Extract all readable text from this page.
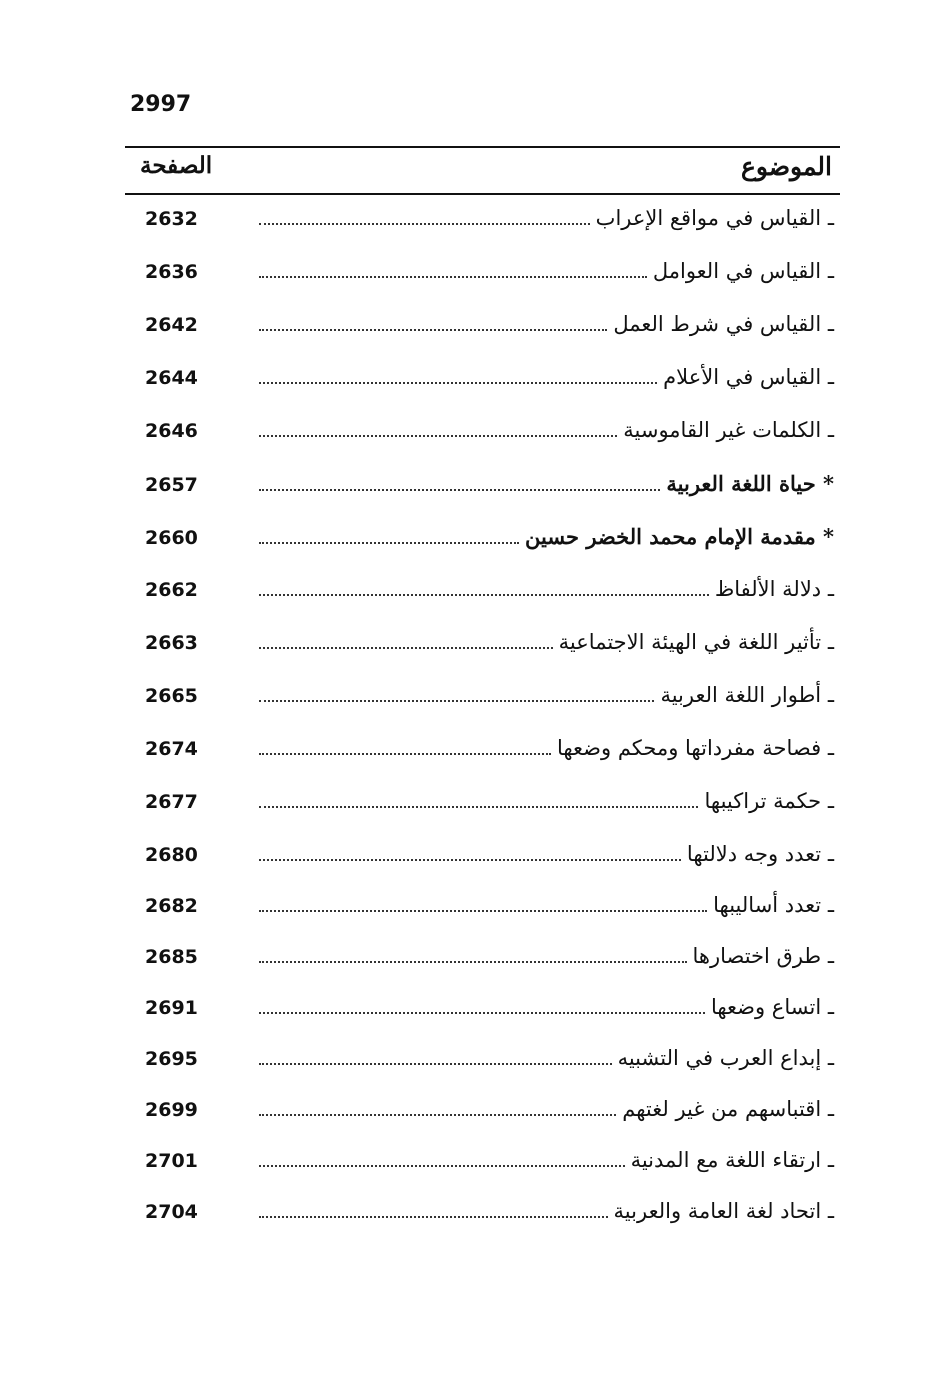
2997
الموضوع
الصفحة
ـ القياس في مواقع الإعراب
2632
ـ القياس في العوامل
2636
ـ القياس في شرط العمل
2642
ـ القياس في الأعلام
2644
ـ الكلمات غير القاموسية
2646
* حياة اللغة العربية
2657
* مقدمة الإمام محمد الخضر حسين
2660
ـ دلالة الألفاظ
2662
ـ تأثير اللغة في الهيئة الاجتماعية
2663
ـ أطوار اللغة العربية
2665
ـ فصاحة مفرداتها ومحكم وضعها
2674
ـ حكمة تراكيبها
2677
ـ تعدد وجه دلالتها
2680
ـ تعدد أساليبها
2682
ـ طرق اختصارها
2685
ـ اتساع وضعها
2691
ـ إبداع العرب في التشبيه
2695
ـ اقتباسهم من غير لغتهم
2699
ـ ارتقاء اللغة مع المدنية
2701
ـ اتحاد لغة العامة والعربية
2704
